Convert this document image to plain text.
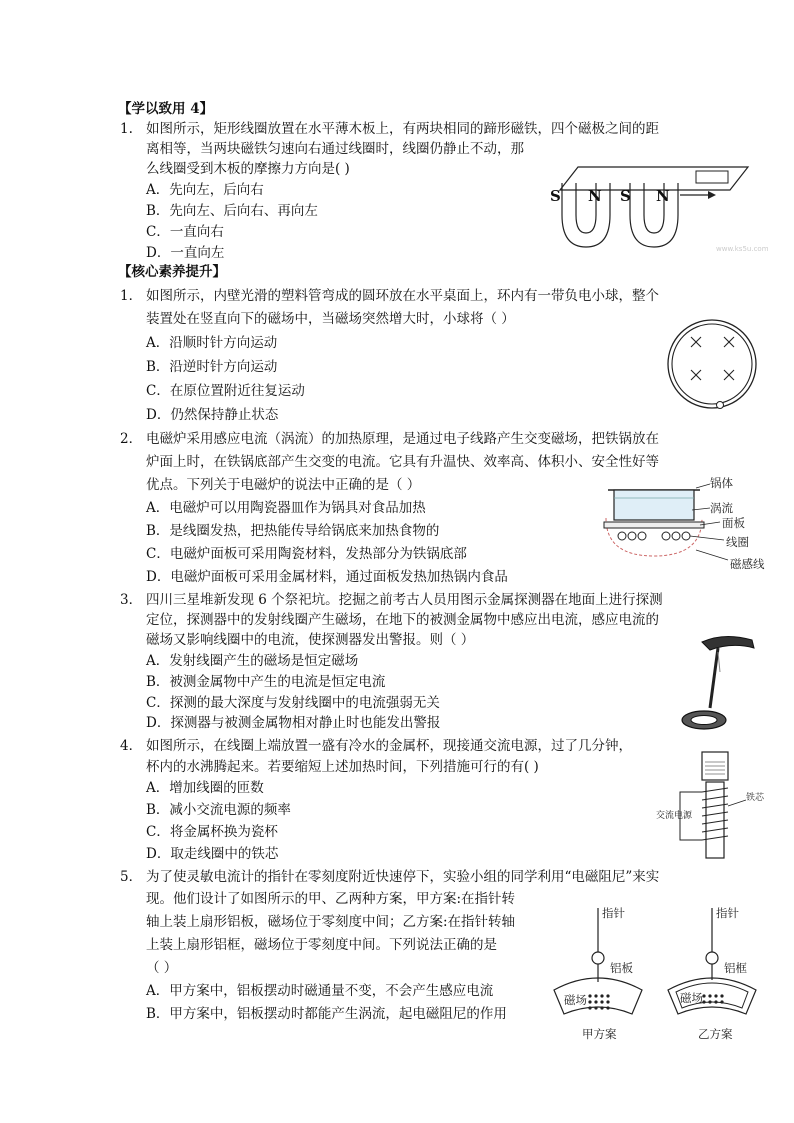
【学以致用 4】
1. 如图所示，矩形线圈放置在水平薄木板上，有两块相同的蹄形磁铁，四个磁极之间的距
离相等，当两块磁铁匀速向右通过线圈时，线圈仍静止不动，那
么线圈受到木板的摩擦力方向是( )
A．先向左，后向右
B．先向左、后向右、再向左
C．一直向右
D．一直向左
S N S N
www.ks5u.com
【核心素养提升】
1． 如图所示，内壁光滑的塑料管弯成的圆环放在水平桌面上，环内有一带负电小球，整个
装置处在竖直向下的磁场中，当磁场突然增大时，小球将（ ）
A．沿顺时针方向运动
B．沿逆时针方向运动
C．在原位置附近往复运动
D．仍然保持静止状态
2． 电磁炉采用感应电流（涡流）的加热原理，是通过电子线路产生交变磁场，把铁锅放在
炉面上时，在铁锅底部产生交变的电流。它具有升温快、效率高、体积小、安全性好等
优点。下列关于电磁炉的说法中正确的是（ ）
A．电磁炉可以用陶瓷器皿作为锅具对食品加热
B．是线圈发热，把热能传导给锅底来加热食物的
C．电磁炉面板可采用陶瓷材料，发热部分为铁锅底部
D．电磁炉面板可采用金属材料，通过面板发热加热锅内食品
锅体
涡流
面板
线圈
磁感线
3． 四川三星堆新发现 6 个祭祀坑。挖掘之前考古人员用图示金属探测器在地面上进行探测
定位，探测器中的发射线圈产生磁场，在地下的被测金属物中感应出电流，感应电流的
磁场又影响线圈中的电流，使探测器发出警报。则（ ）
A．发射线圈产生的磁场是恒定磁场
B．被测金属物中产生的电流是恒定电流
C．探测的最大深度与发射线圈中的电流强弱无关
D．探测器与被测金属物相对静止时也能发出警报
4． 如图所示，在线圈上端放置一盛有冷水的金属杯，现接通交流电源，过了几分钟，
杯内的水沸腾起来。若要缩短上述加热时间，下列措施可行的有( )
A．增加线圈的匝数
B．减小交流电源的频率
C．将金属杯换为瓷杯
D．取走线圈中的铁芯
交流电源
铁芯
5． 为了使灵敏电流计的指针在零刻度附近快速停下，实验小组的同学利用“电磁阻尼”来实
现。他们设计了如图所示的甲、乙两种方案，甲方案:在指针转
轴上装上扇形铝板，磁场位于零刻度中间；乙方案:在指针转轴
上装上扇形铝框，磁场位于零刻度中间。下列说法正确的是
（ ）
A．甲方案中，铝板摆动时磁通量不变，不会产生感应电流
B．甲方案中，铝板摆动时都能产生涡流，起电磁阻尼的作用
指针
铝板
磁场
甲方案
指针
铝框
磁场
乙方案
